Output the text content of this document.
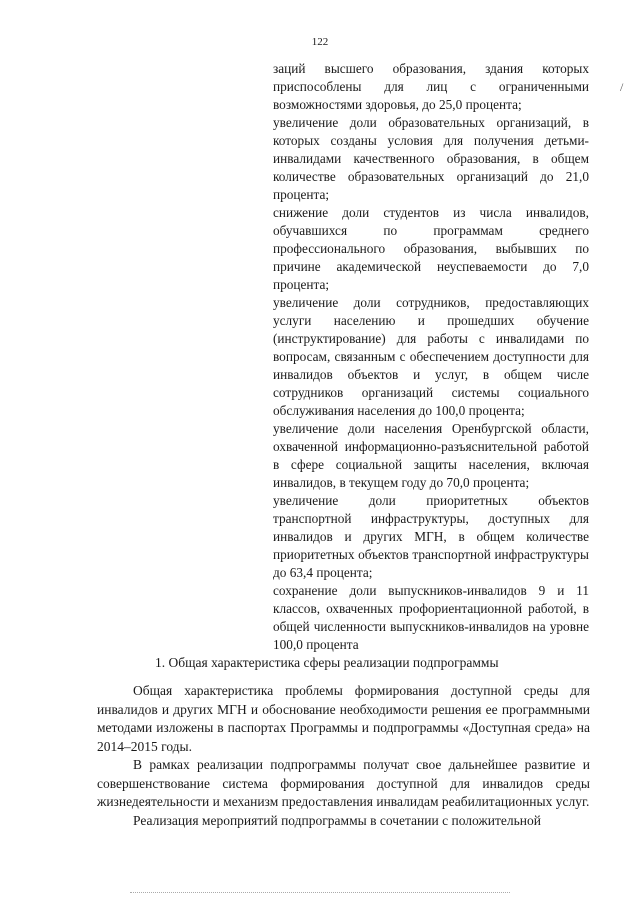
122
/

заций высшего образования, здания которых приспособлены для лиц с ограниченными возможностями здоровья, до 25,0 процента;

увеличение доли образовательных организаций, в которых созданы условия для получения детьми-инвалидами качественного образования, в общем количестве образовательных организаций до 21,0 процента;

снижение доли студентов из числа инвалидов, обучавшихся по программам среднего профессионального образования, выбывших по причине академической неуспеваемости до 7,0 процента;

увеличение доли сотрудников, предоставляющих услуги населению и прошедших обучение (инструктирование) для работы с инвалидами по вопросам, связанным с обеспечением доступности для инвалидов объектов и услуг, в общем числе сотрудников организаций системы социального обслуживания населения до 100,0 процента;

увеличение доли населения Оренбургской области, охваченной информационно-разъяснительной работой в сфере социальной защиты населения, включая инвалидов, в текущем году до 70,0 процента;

увеличение доли приоритетных объектов транспортной инфраструктуры, доступных для инвалидов и других МГН, в общем количестве приоритетных объектов транспортной инфраструктуры до 63,4 процента;

сохранение доли выпускников-инвалидов 9 и 11 классов, охваченных профориентационной работой, в общей численности выпускников-инвалидов на уровне 100,0 процента

1. Общая характеристика сферы реализации подпрограммы

Общая характеристика проблемы формирования доступной среды для инвалидов и других МГН и обоснование необходимости решения ее программными методами изложены в паспортах Программы и подпрограммы «Доступная среда» на 2014–2015 годы.

В рамках реализации подпрограммы получат свое дальнейшее развитие и совершенствование система формирования доступной для инвалидов среды жизнедеятельности и механизм предоставления инвалидам реабилитационных услуг.

Реализация мероприятий подпрограммы в сочетании с положительной
